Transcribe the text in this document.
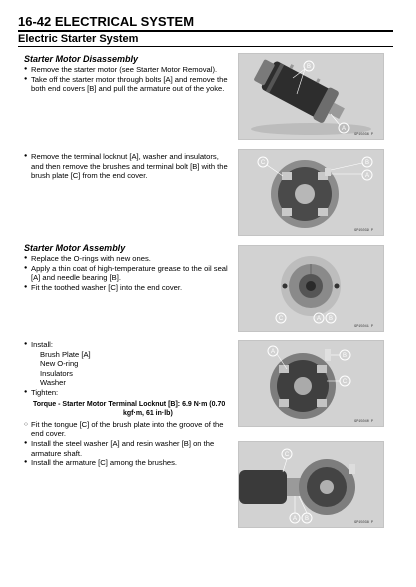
16-42 ELECTRICAL SYSTEM
Electric Starter System
Starter Motor Disassembly

● Remove the starter motor (see Starter Motor Removal).

● Take off the starter motor through bolts [A] and remove the both end covers [B] and pull the armature out of the yoke.

● Remove the terminal locknut [A], washer and insulators, and then remove the brushes and terminal bolt [B] with the brush plate [C] from the end cover.

Starter Motor Assembly

● Replace the O-rings with new ones.

● Apply a thin coat of high-temperature grease to the oil seal [A] and needle bearing [B].

● Fit the toothed washer [C] into the end cover.

● Install:

Brush Plate [A]

New O-ring

Insulators

Washer

● Tighten:

Torque - Starter Motor Terminal Locknut [B]: 6.9 N·m (0.70
kgf·m, 61 in·lb)

○ Fit the tongue [C] of the brush plate into the groove of the end cover.

● Install the steel washer [A] and resin washer [B] on the armature shaft.

● Install the armature [C] among the brushes.

B
A
GP15036 P
C	B
A
GP15039 P
C	A B
GP15041 P
A
B
C
GP15040 P
C
A B
GP15038 P
